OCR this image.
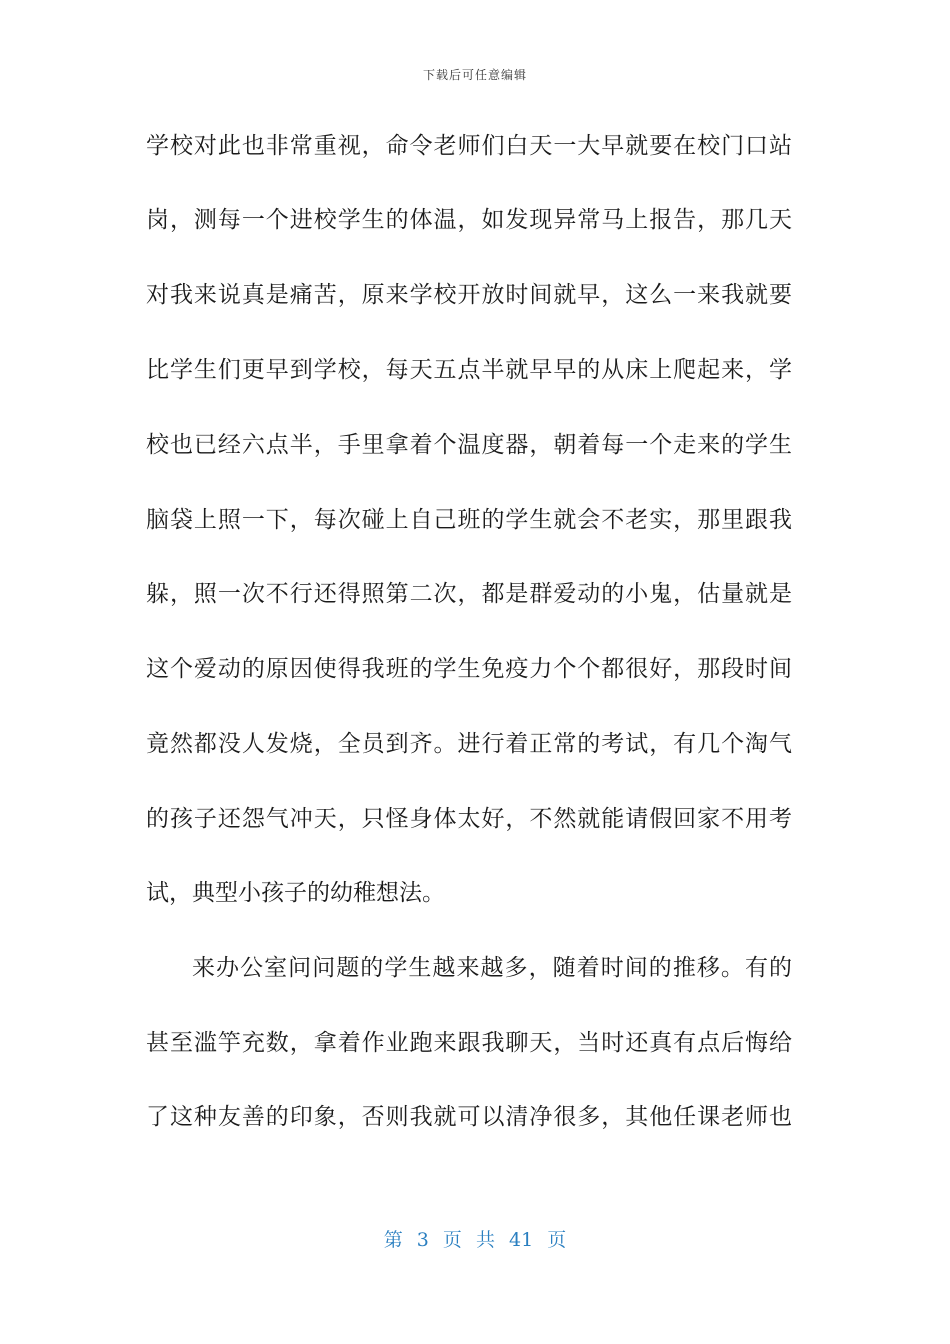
下载后可任意编辑
学校对此也非常重视，命令老师们白天一大早就要在校门口站
岗，测每一个进校学生的体温，如发现异常马上报告，那几天
对我来说真是痛苦，原来学校开放时间就早，这么一来我就要
比学生们更早到学校，每天五点半就早早的从床上爬起来，学
校也已经六点半，手里拿着个温度器，朝着每一个走来的学生
脑袋上照一下，每次碰上自己班的学生就会不老实，那里跟我
躲，照一次不行还得照第二次，都是群爱动的小鬼，估量就是
这个爱动的原因使得我班的学生免疫力个个都很好，那段时间
竟然都没人发烧，全员到齐。进行着正常的考试，有几个淘气
的孩子还怨气冲天，只怪身体太好，不然就能请假回家不用考
试，典型小孩子的幼稚想法。
来办公室问问题的学生越来越多，随着时间的推移。有的
甚至滥竽充数，拿着作业跑来跟我聊天，当时还真有点后悔给
了这种友善的印象，否则我就可以清净很多，其他任课老师也
第 3 页 共 41 页
